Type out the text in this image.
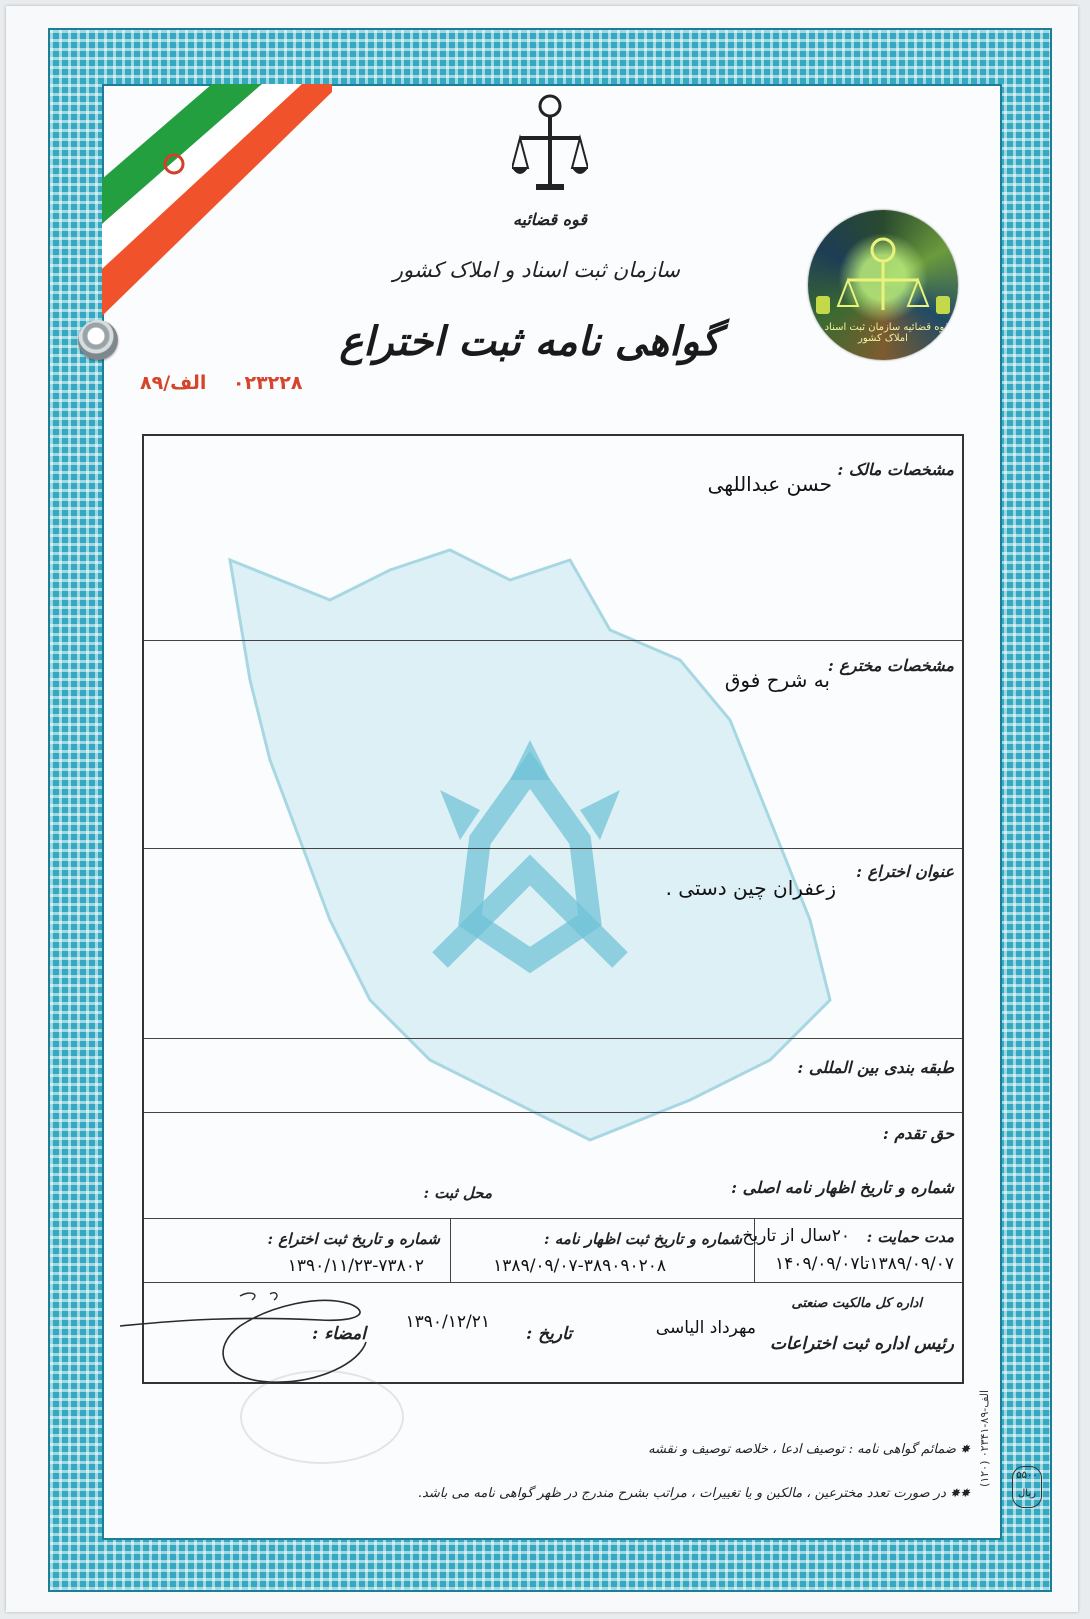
قوه قضائیه
سازمان ثبت اسناد و املاک کشور
گواهی نامه ثبت اختراع
۰۲۳۲۲۸    الف/۸۹
قوه قضائیه سازمان ثبت اسناد و املاک کشور
مشخصات مالک :
حسن عبداللهی
مشخصات مخترع :
به شرح فوق
عنوان اختراع :
زعفران چین دستی .
طبقه بندی بین المللی :
حق تقدم :
شماره و تاریخ اظهار نامه اصلی :
محل ثبت :
مدت حمایت :
۲۰سال از تاریخ
۱۳۸۹/۰۹/۰۷تا۱۴۰۹/۰۹/۰۷
شماره و تاریخ ثبت اظهار نامه :
۱۳۸۹/۰۹/۰۷-۳۸۹۰۹۰۲۰۸
شماره و تاریخ ثبت اختراع :
۱۳۹۰/۱۱/۲۳-۷۳۸۰۲
اداره کل مالکیت صنعتی
رئیس اداره ثبت اختراعات
مهرداد الیاسی
تاریخ :
۱۳۹۰/۱۲/۲۱
امضاء :
✸ضمائم گواهی نامه : توصیف ادعا ، خلاصه توصیف و نقشه
✸✸در صورت تعدد مخترعین ، مالکین و یا تغییرات ، مراتب بشرح مندرج در ظهر گواهی نامه می باشد.
(۱۲۰) الف-۸۹-۰۲۳۴۱
۵۵۰۰ ریال
